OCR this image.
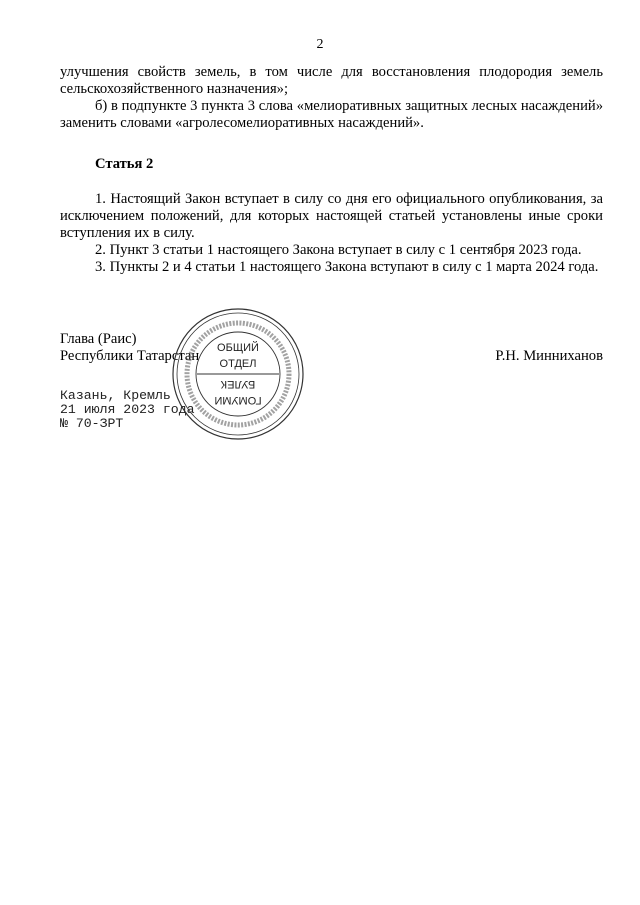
2

улучшения свойств земель, в том числе для восстановления плодородия земель сельскохозяйственного назначения»;

б) в подпункте 3 пункта 3 слова «мелиоративных защитных лесных насаждений» заменить словами «агролесомелиоративных насаждений».

Статья 2

1. Настоящий Закон вступает в силу со дня его официального опубликования, за исключением положений, для которых настоящей статьей установлены иные сроки вступления их в силу.

2. Пункт 3 статьи 1 настоящего Закона вступает в силу с 1 сентября 2023 года.

3. Пункты 2 и 4 статьи 1 настоящего Закона вступают в силу с 1 марта 2024 года.

Глава (Раис)
Республики Татарстан	Р.Н. Минниханов
Казань, Кремль
21 июля 2023 года
№ 70-ЗРТ
ОБЩИЙ
ОТДЕЛ
БУЛЕК
ГОМУМИ
